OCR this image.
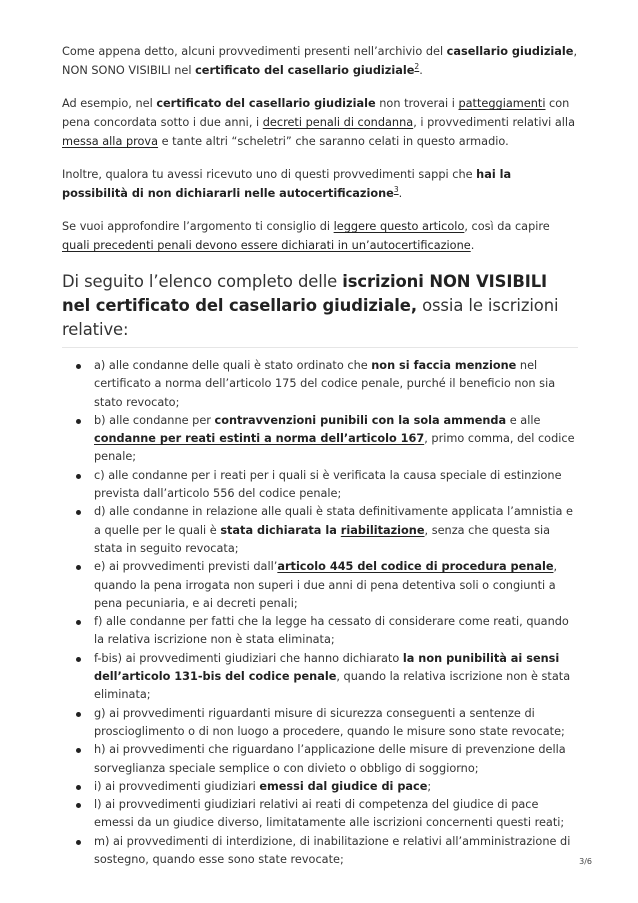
Come appena detto, alcuni provvedimenti presenti nell’archivio del casellario giudiziale, NON SONO VISIBILI nel certificato del casellario giudiziale$^2$.

Ad esempio, nel certificato del casellario giudiziale non troverai i patteggiamenti con pena concordata sotto i due anni, i decreti penali di condanna, i provvedimenti relativi alla messa alla prova e tante altri “scheletri” che saranno celati in questo armadio.

Inoltre, qualora tu avessi ricevuto uno di questi provvedimenti sappi che hai la possibilità di non dichiararli nelle autocertificazione$^3$.

Se vuoi approfondire l’argomento ti consiglio di leggere questo articolo, così da capire quali precedenti penali devono essere dichiarati in un’autocertificazione.

Di seguito l’elenco completo delle iscrizioni NON VISIBILI nel certificato del casellario giudiziale, ossia le iscrizioni relative:
a) alle condanne delle quali è stato ordinato che non si faccia menzione nel certificato a norma dell’articolo 175 del codice penale, purché il beneficio non sia stato revocato;
b) alle condanne per contravvenzioni punibili con la sola ammenda e alle condanne per reati estinti a norma dell’articolo 167, primo comma, del codice penale;
c) alle condanne per i reati per i quali si è verificata la causa speciale di estinzione prevista dall’articolo 556 del codice penale;
d) alle condanne in relazione alle quali è stata definitivamente applicata l’amnistia e a quelle per le quali è stata dichiarata la riabilitazione, senza che questa sia stata in seguito revocata;
e) ai provvedimenti previsti dall’articolo 445 del codice di procedura penale, quando la pena irrogata non superi i due anni di pena detentiva soli o congiunti a pena pecuniaria, e ai decreti penali;
f) alle condanne per fatti che la legge ha cessato di considerare come reati, quando la relativa iscrizione non è stata eliminata;
f-bis) ai provvedimenti giudiziari che hanno dichiarato la non punibilità ai sensi dell’articolo 131-bis del codice penale, quando la relativa iscrizione non è stata eliminata;
g) ai provvedimenti riguardanti misure di sicurezza conseguenti a sentenze di proscioglimento o di non luogo a procedere, quando le misure sono state revocate;
h) ai provvedimenti che riguardano l’applicazione delle misure di prevenzione della sorveglianza speciale semplice o con divieto o obbligo di soggiorno;
i) ai provvedimenti giudiziari emessi dal giudice di pace;
l) ai provvedimenti giudiziari relativi ai reati di competenza del giudice di pace emessi da un giudice diverso, limitatamente alle iscrizioni concernenti questi reati;
m) ai provvedimenti di interdizione, di inabilitazione e relativi all’amministrazione di sostegno, quando esse sono state revocate;	3/6
